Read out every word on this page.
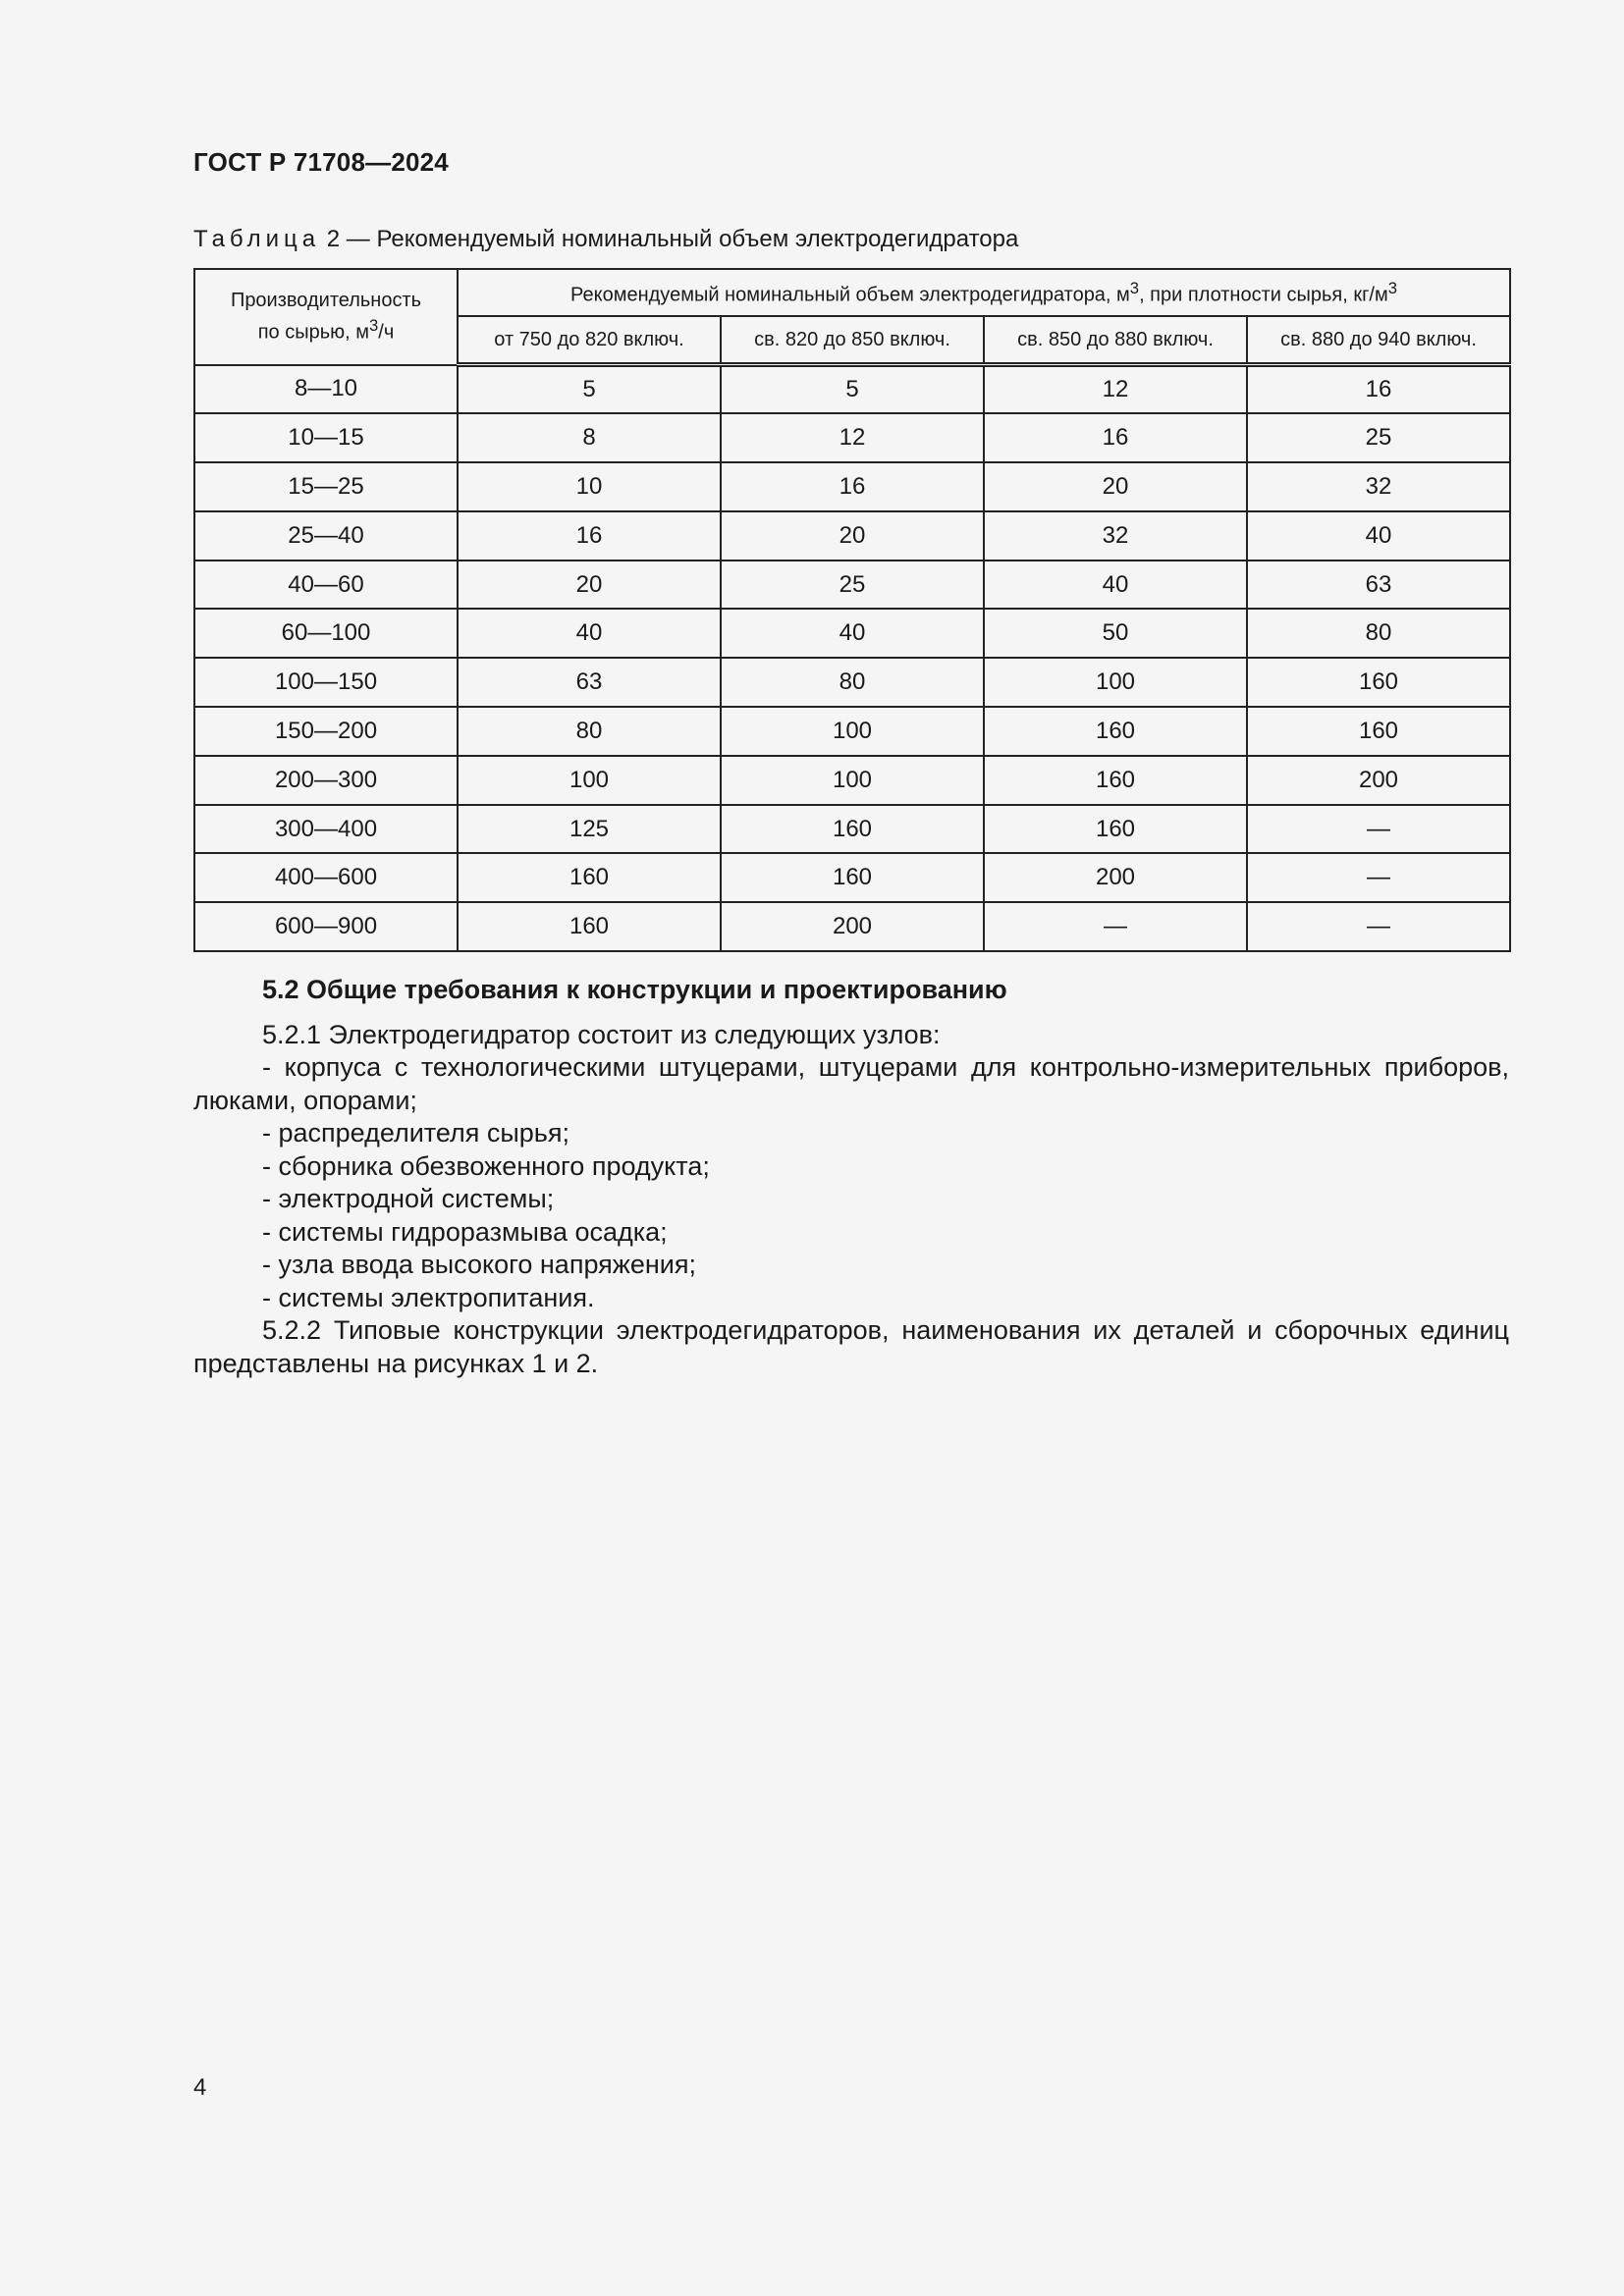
ГОСТ Р 71708—2024
Таблица 2 — Рекомендуемый номинальный объем электродегидратора
Производительность
по сырью, $м^3/ч$	Рекомендуемый номинальный объем электродегидратора, $м^3$, при плотности сырья, $кг/м^3$
	от 750 до 820 включ.	св. 820 до 850 включ.	св. 850 до 880 включ.	св. 880 до 940 включ.
8—10	5	5	12	16
10—15	8	12	16	25
15—25	10	16	20	32
25—40	16	20	32	40
40—60	20	25	40	63
60—100	40	40	50	80
100—150	63	80	100	160
150—200	80	100	160	160
200—300	100	100	160	200
300—400	125	160	160	—
400—600	160	160	200	—
600—900	160	200	—	—
5.2 Общие требования к конструкции и проектированию
5.2.1 Электродегидратор состоит из следующих узлов:
- корпуса с технологическими штуцерами, штуцерами для контрольно-измерительных приборов, люками, опорами;
- распределителя сырья;
- сборника обезвоженного продукта;
- электродной системы;
- системы гидроразмыва осадка;
- узла ввода высокого напряжения;
- системы электропитания.
5.2.2 Типовые конструкции электродегидраторов, наименования их деталей и сборочных единиц представлены на рисунках 1 и 2.
4
